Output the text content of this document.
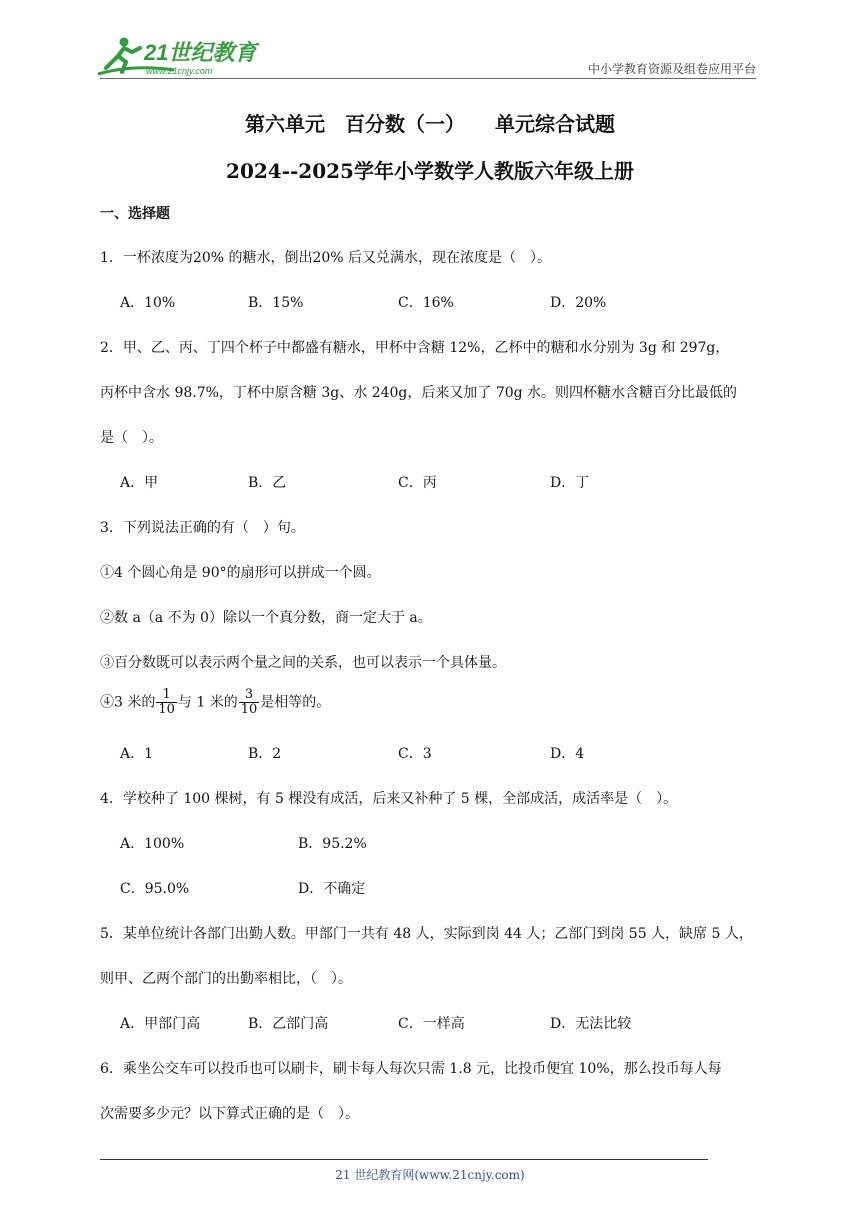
21世纪教育
www.21cnjy.com	中小学教育资源及组卷应用平台
第六单元　百分数（一）　　单元综合试题
2024--2025学年小学数学人教版六年级上册
一、选择题
1．一杯浓度为20% 的糖水，倒出20% 后又兑满水，现在浓度是（　）。
A．10%	B．15%	C．16%	D．20%
2．甲、乙、丙、丁四个杯子中都盛有糖水，甲杯中含糖 12%，乙杯中的糖和水分别为 3g 和 297g，
丙杯中含水 98.7%，丁杯中原含糖 3g、水 240g，后来又加了 70g 水。则四杯糖水含糖百分比最低的
是（　）。
A．甲	B．乙	C．丙	D．丁
3．下列说法正确的有（　）句。
①4 个圆心角是 90°的扇形可以拼成一个圆。
②数 a（a 不为 0）除以一个真分数，商一定大于 a。
③百分数既可以表示两个量之间的关系，也可以表示一个具体量。
④3 米的 $\frac{1}{10}$ 与 1 米的 $\frac{3}{10}$ 是相等的。
A．1	B．2	C．3	D．4
4．学校种了 100 棵树，有 5 棵没有成活，后来又补种了 5 棵，全部成活，成活率是（　）。
A．100%	B．95.2%
C．95.0%	D．不确定
5．某单位统计各部门出勤人数。甲部门一共有 48 人，实际到岗 44 人；乙部门到岗 55 人，缺席 5 人，
则甲、乙两个部门的出勤率相比，（　）。
A．甲部门高	B．乙部门高	C．一样高	D．无法比较
6．乘坐公交车可以投币也可以刷卡，刷卡每人每次只需 1.8 元，比投币便宜 10%，那么投币每人每
次需要多少元？以下算式正确的是（　）。
21 世纪教育网(www.21cnjy.com)
